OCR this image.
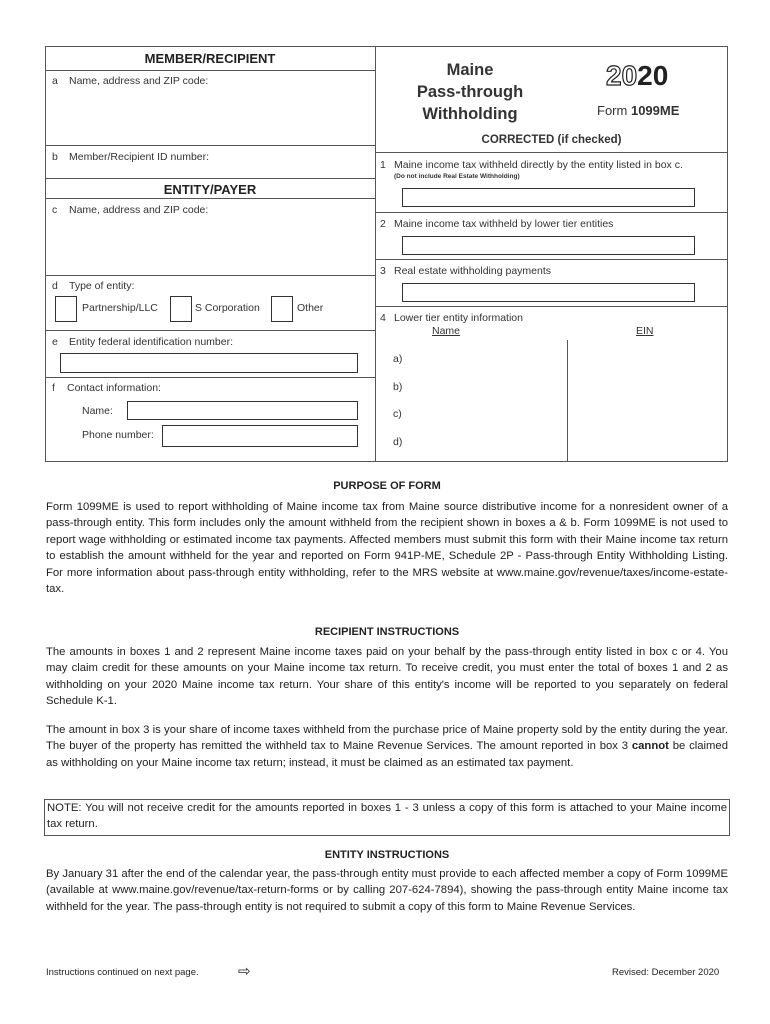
MEMBER/RECIPIENT
a Name, address and ZIP code:
b Member/Recipient ID number:
ENTITY/PAYER
c Name, address and ZIP code:
d Type of entity:
Partnership/LLC	S Corporation	Other
e Entity federal identification number:
f Contact information:
Name:
Phone number:
Maine
Pass-through
Withholding
2020
Form 1099ME
CORRECTED (if checked)
1 Maine income tax withheld directly by the entity listed in box c.
(Do not include Real Estate Withholding)
2 Maine income tax withheld by lower tier entities
3 Real estate withholding payments
4 Lower tier entity information
Name	EIN
a)
b)
c)
d)
PURPOSE OF FORM
Form 1099ME is used to report withholding of Maine income tax from Maine source distributive income for a nonresident owner of a pass-through entity. This form includes only the amount withheld from the recipient shown in boxes a & b. Form 1099ME is not used to report wage withholding or estimated income tax payments. Affected members must submit this form with their Maine income tax return to establish the amount withheld for the year and reported on Form 941P-ME, Schedule 2P - Pass-through Entity Withholding Listing. For more information about pass-through entity withholding, refer to the MRS website at www.maine.gov/revenue/taxes/income-estate-tax.
RECIPIENT INSTRUCTIONS
The amounts in boxes 1 and 2 represent Maine income taxes paid on your behalf by the pass-through entity listed in box c or 4. You may claim credit for these amounts on your Maine income tax return. To receive credit, you must enter the total of boxes 1 and 2 as withholding on your 2020 Maine income tax return. Your share of this entity's income will be reported to you separately on federal Schedule K-1.
The amount in box 3 is your share of income taxes withheld from the purchase price of Maine property sold by the entity during the year. The buyer of the property has remitted the withheld tax to Maine Revenue Services. The amount reported in box 3 cannot be claimed as withholding on your Maine income tax return; instead, it must be claimed as an estimated tax payment.
NOTE: You will not receive credit for the amounts reported in boxes 1 - 3 unless a copy of this form is attached to your Maine income tax return.
ENTITY INSTRUCTIONS
By January 31 after the end of the calendar year, the pass-through entity must provide to each affected member a copy of Form 1099ME (available at www.maine.gov/revenue/tax-return-forms or by calling 207-624-7894), showing the pass-through entity Maine income tax withheld for the year. The pass-through entity is not required to submit a copy of this form to Maine Revenue Services.
Instructions continued on next page.	⇨	Revised: December 2020
